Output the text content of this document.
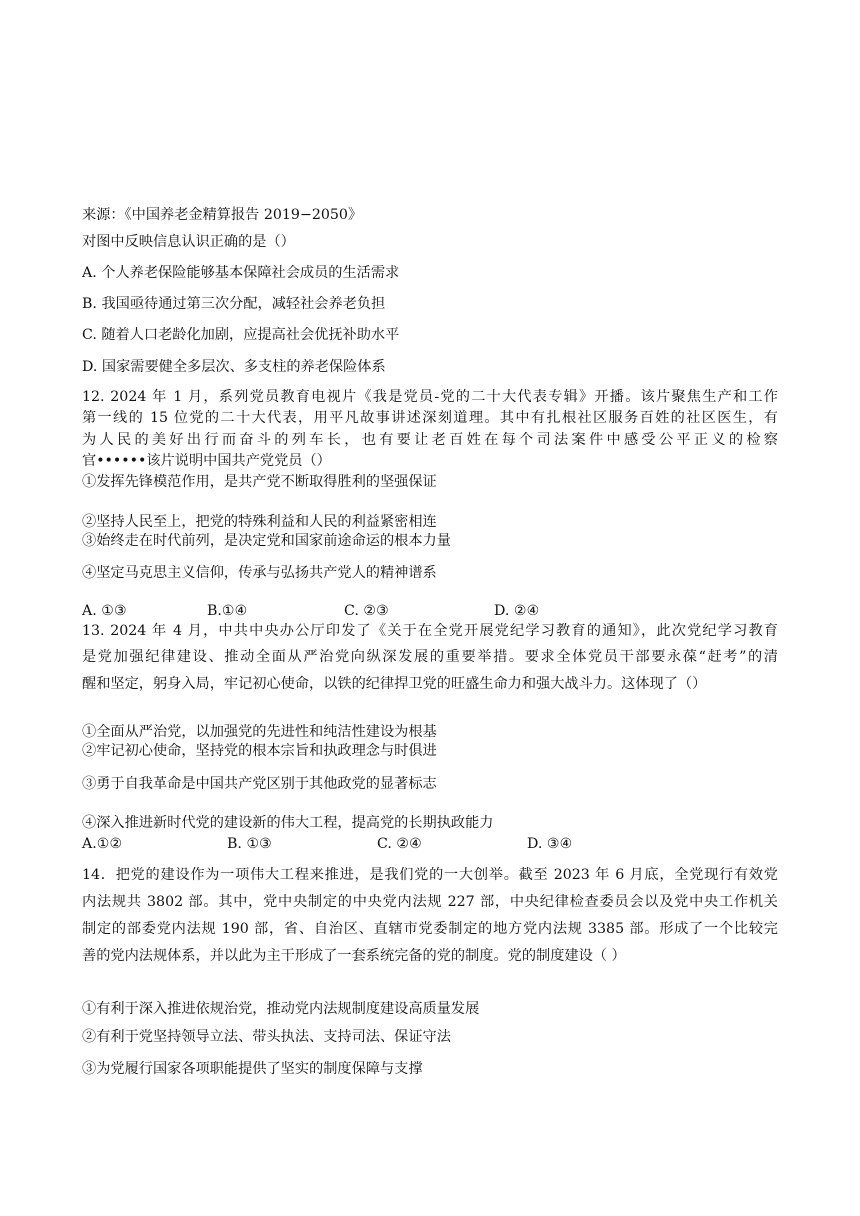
来源：《中国养老金精算报告 2019−2050》
对图中反映信息认识正确的是（）
A. 个人养老保险能够基本保障社会成员的生活需求
B. 我国亟待通过第三次分配，减轻社会养老负担
C. 随着人口老龄化加剧，应提高社会优抚补助水平
D. 国家需要健全多层次、多支柱的养老保险体系
12. 2024 年 1 月，系列党员教育电视片《我是党员-党的二十大代表专辑》开播。该片聚焦生产和工作
第一线的 15 位党的二十大代表，用平凡故事讲述深刻道理。其中有扎根社区服务百姓的社区医生，有
为人民的美好出行而奋斗的列车长，也有要让老百姓在每个司法案件中感受公平正义的检察
官••••••该片说明中国共产党党员（）
①发挥先锋模范作用，是共产党不断取得胜利的坚强保证
②坚持人民至上，把党的特殊利益和人民的利益紧密相连
③始终走在时代前列，是决定党和国家前途命运的根本力量
④坚定马克思主义信仰，传承与弘扬共产党人的精神谱系
A. ①③	B.①④	C. ②③	D. ②④
13. 2024 年 4 月，中共中央办公厅印发了《关于在全党开展党纪学习教育的通知》，此次党纪学习教育
是党加强纪律建设、推动全面从严治党向纵深发展的重要举措。要求全体党员干部要永葆“赶考”的清
醒和坚定，躬身入局，牢记初心使命，以铁的纪律捍卫党的旺盛生命力和强大战斗力。这体现了（）
①全面从严治党，以加强党的先进性和纯洁性建设为根基
②牢记初心使命，坚持党的根本宗旨和执政理念与时俱进
③勇于自我革命是中国共产党区别于其他政党的显著标志
④深入推进新时代党的建设新的伟大工程，提高党的长期执政能力
A.①②	B. ①③	C. ②④	D. ③④
14．把党的建设作为一项伟大工程来推进，是我们党的一大创举。截至 2023 年 6 月底，全党现行有效党
内法规共 3802 部。其中，党中央制定的中央党内法规 227 部，中央纪律检查委员会以及党中央工作机关
制定的部委党内法规 190 部，省、自治区、直辖市党委制定的地方党内法规 3385 部。形成了一个比较完
善的党内法规体系，并以此为主干形成了一套系统完备的党的制度。党的制度建设（ ）
①有利于深入推进依规治党，推动党内法规制度建设高质量发展
②有利于党坚持领导立法、带头执法、支持司法、保证守法
③为党履行国家各项职能提供了坚实的制度保障与支撑
